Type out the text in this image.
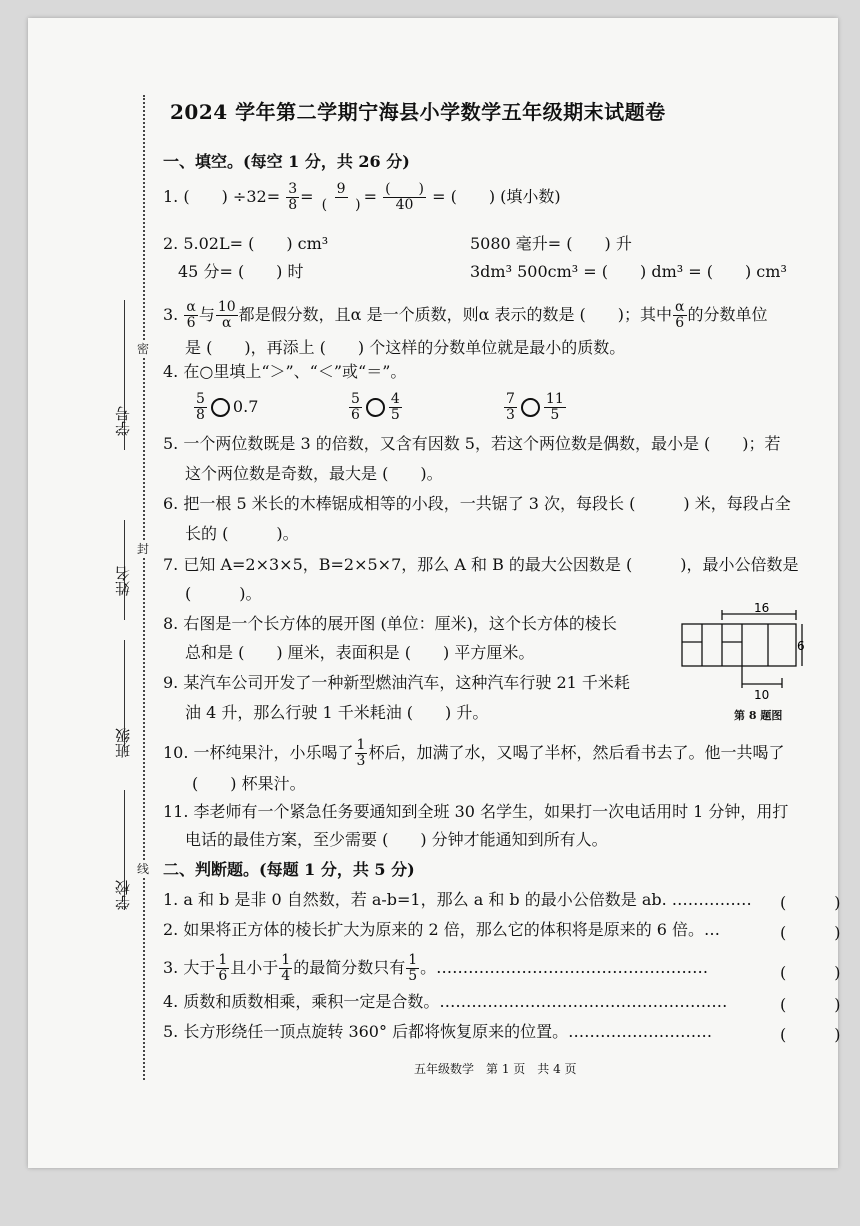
密
封
线
学号
姓名
班级
学校
2024 学年第二学期宁海县小学数学五年级期末试题卷
一、填空。(每空 1 分，共 26 分)
1. (　　) $\div 32= \frac{3}{8} = \frac{9}{( )} = \frac{( )}{40}$ = (　　) (填小数)
2. 5.02L= (　　) cm³	5080 毫升= (　　) 升
45 分= (　　) 时	3dm³ 500cm³ = (　　) dm³ = (　　) cm³
3. $\frac{\alpha}{6}$ 与 $\frac{10}{\alpha}$ 都是假分数，且α 是一个质数，则α 表示的数是 (　　)；其中 $\frac{\alpha}{6}$ 的分数单位
是 (　　)，再添上 (　　) 个这样的分数单位就是最小的质数。
4. 在○里填上“＞”、“＜”或“＝”。
$\frac{5}{8} 0.7$	$\frac{5}{6} \frac{4}{5}$	$\frac{7}{3} \frac{11}{5}$
5. 一个两位数既是 3 的倍数，又含有因数 5，若这个两位数是偶数，最小是 (　　)；若
这个两位数是奇数，最大是 (　　)。
6. 把一根 5 米长的木棒锯成相等的小段，一共锯了 3 次，每段长 (　　　) 米，每段占全
长的 (　　　)。
7. 已知 A=2×3×5，B=2×5×7，那么 A 和 B 的最大公因数是 (　　　)，最小公倍数是
(　　　)。
8. 右图是一个长方体的展开图 (单位：厘米)，这个长方体的棱长
总和是 (　　) 厘米，表面积是 (　　) 平方厘米。
16
6
10
第 8 题图
9. 某汽车公司开发了一种新型燃油汽车，这种汽车行驶 21 千米耗
油 4 升，那么行驶 1 千米耗油 (　　) 升。
10. 一杯纯果汁，小乐喝了 $\frac{1}{3}$ 杯后，加满了水，又喝了半杯，然后看书去了。他一共喝了
(　　) 杯果汁。
11. 李老师有一个紧急任务要通知到全班 30 名学生，如果打一次电话用时 1 分钟，用打
电话的最佳方案，至少需要 (　　) 分钟才能通知到所有人。
二、判断题。(每题 1 分，共 5 分)
1. a 和 b 是非 0 自然数，若 a-b=1，那么 a 和 b 的最小公倍数是 ab. …………… (　　　)
2. 如果将正方体的棱长扩大为原来的 2 倍，那么它的体积将是原来的 6 倍。…	(　　　)
3. 大于 $\frac{1}{6}$ 且小于 $\frac{1}{4}$ 的最简分数只有 $\frac{1}{5}$ 。……………………………………………	(　　　)
4. 质数和质数相乘，乘积一定是合数。………………………………………………	(　　　)
5. 长方形绕任一顶点旋转 360° 后都将恢复原来的位置。………………………	(　　　)
五年级数学　第 1 页　共 4 页
